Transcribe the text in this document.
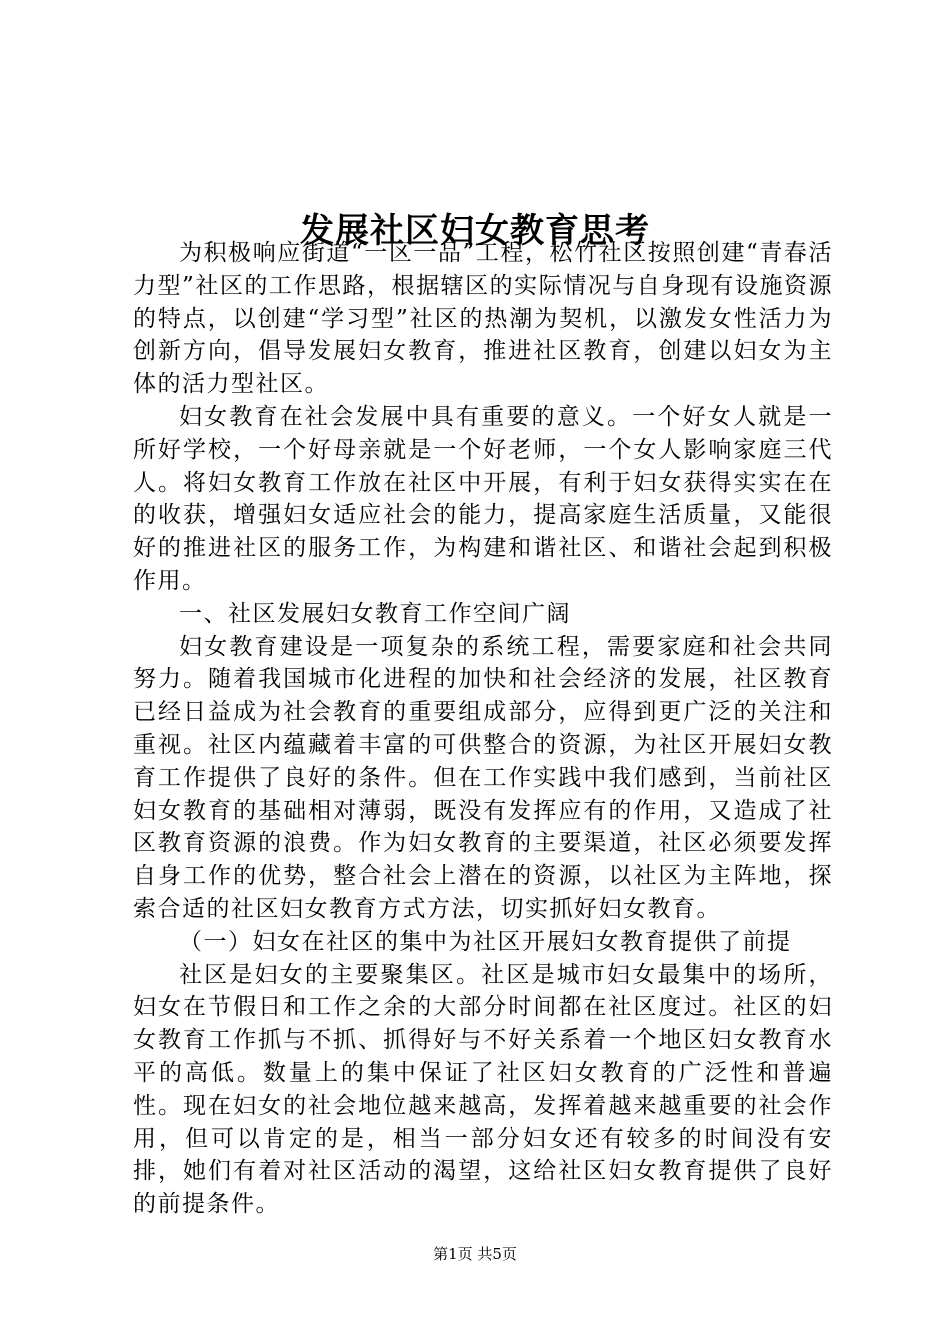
发展社区妇女教育思考

为积极响应街道“一区一品”工程，松竹社区按照创建“青春活力型”社区的工作思路，根据辖区的实际情况与自身现有设施资源的特点，以创建“学习型”社区的热潮为契机，以激发女性活力为创新方向，倡导发展妇女教育，推进社区教育，创建以妇女为主体的活力型社区。

妇女教育在社会发展中具有重要的意义。一个好女人就是一所好学校，一个好母亲就是一个好老师，一个女人影响家庭三代人。将妇女教育工作放在社区中开展，有利于妇女获得实实在在的收获，增强妇女适应社会的能力，提高家庭生活质量，又能很好的推进社区的服务工作，为构建和谐社区、和谐社会起到积极作用。

一、社区发展妇女教育工作空间广阔

妇女教育建设是一项复杂的系统工程，需要家庭和社会共同努力。随着我国城市化进程的加快和社会经济的发展，社区教育已经日益成为社会教育的重要组成部分，应得到更广泛的关注和重视。社区内蕴藏着丰富的可供整合的资源，为社区开展妇女教育工作提供了良好的条件。但在工作实践中我们感到，当前社区妇女教育的基础相对薄弱，既没有发挥应有的作用，又造成了社区教育资源的浪费。作为妇女教育的主要渠道，社区必须要发挥自身工作的优势，整合社会上潜在的资源，以社区为主阵地，探索合适的社区妇女教育方式方法，切实抓好妇女教育。

（一）妇女在社区的集中为社区开展妇女教育提供了前提

社区是妇女的主要聚集区。社区是城市妇女最集中的场所，妇女在节假日和工作之余的大部分时间都在社区度过。社区的妇女教育工作抓与不抓、抓得好与不好关系着一个地区妇女教育水平的高低。数量上的集中保证了社区妇女教育的广泛性和普遍性。现在妇女的社会地位越来越高，发挥着越来越重要的社会作用，但可以肯定的是，相当一部分妇女还有较多的时间没有安排，她们有着对社区活动的渴望，这给社区妇女教育提供了良好的前提条件。

第1页 共5页
